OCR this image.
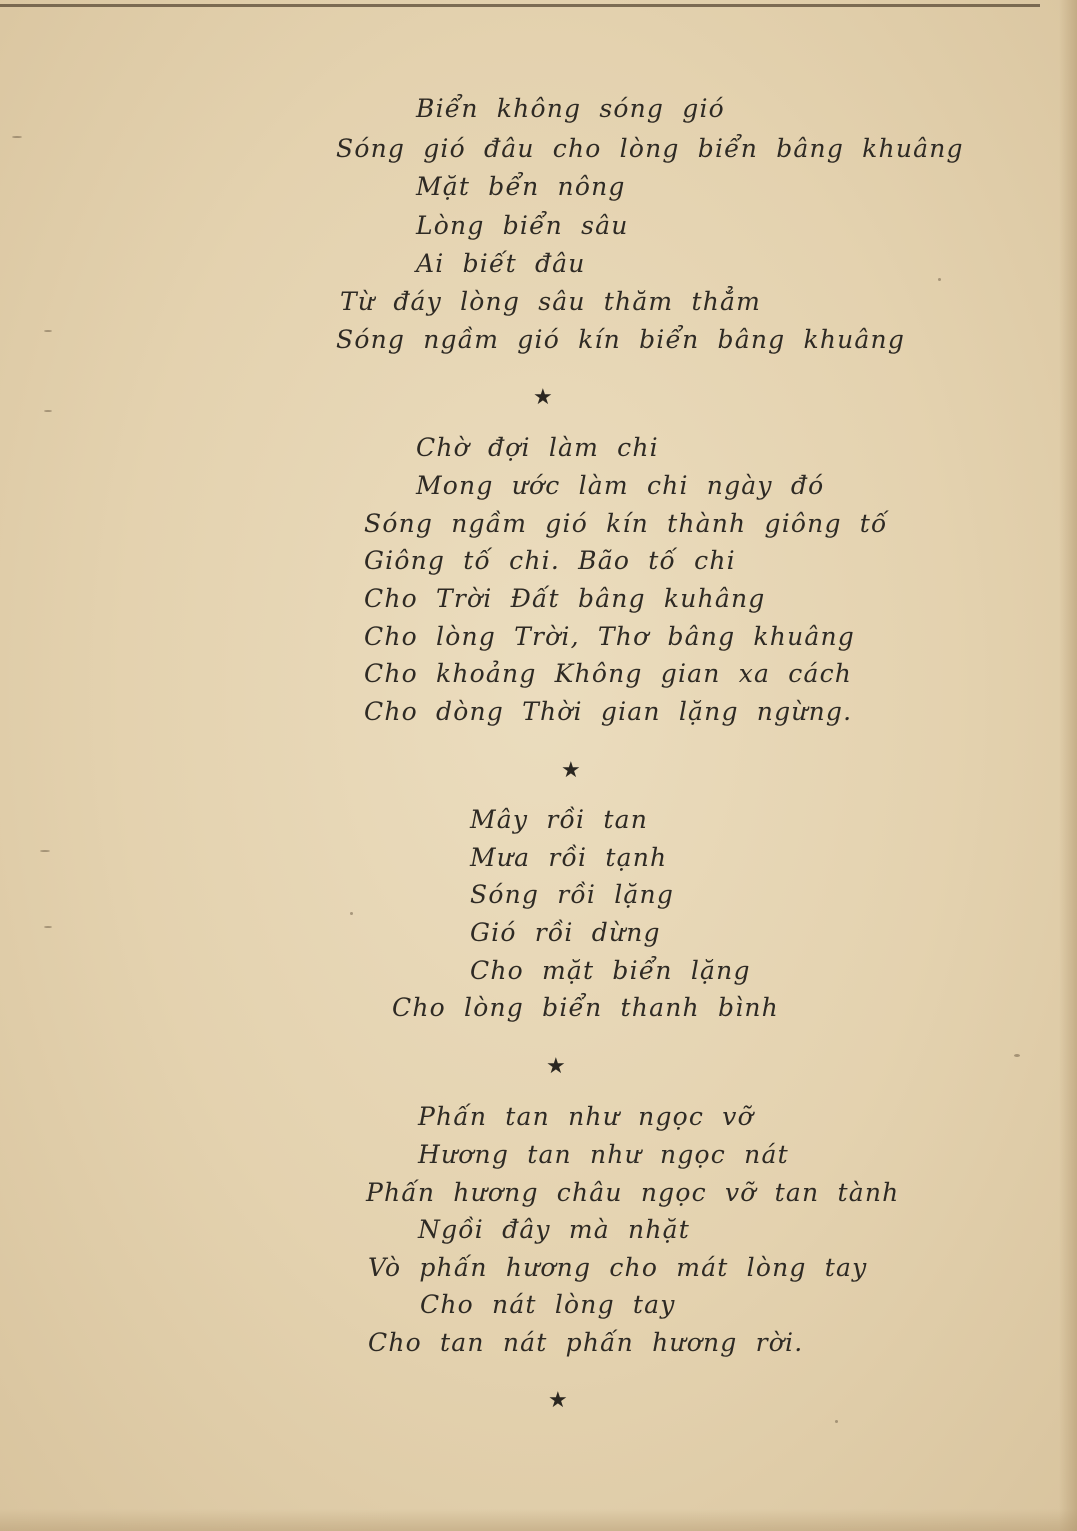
Biển không sóng gió
Sóng gió đâu cho lòng biển bâng khuâng
Mặt bển nông
Lòng biển sâu
Ai biết đâu
Từ đáy lòng sâu thăm thẳm
Sóng ngầm gió kín biển bâng khuâng
★
Chờ đợi làm chi
Mong ước làm chi ngày đó
Sóng ngầm gió kín thành giông tố
Giông tố chi. Bão tố chi
Cho Trời Đất bâng kuhâng
Cho lòng Trời, Thơ bâng khuâng
Cho khoảng Không gian xa cách
Cho dòng Thời gian lặng ngừng.
★
Mây rồi tan
Mưa rồi tạnh
Sóng rồi lặng
Gió rồi dừng
Cho mặt biển lặng
Cho lòng biển thanh bình
★
Phấn tan như ngọc vỡ
Hương tan như ngọc nát
Phấn hương châu ngọc vỡ tan tành
Ngồi đây mà nhặt
Vò phấn hương cho mát lòng tay
Cho nát lòng tay
Cho tan nát phấn hương rời.
★
